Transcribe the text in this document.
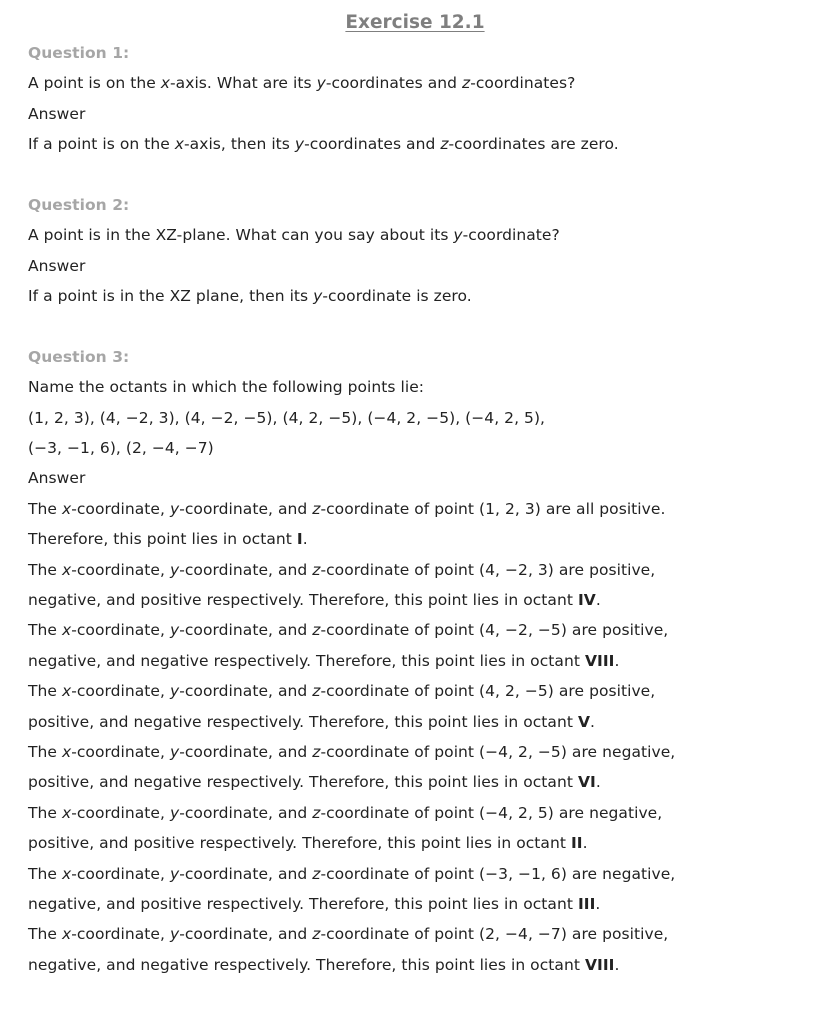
Exercise 12.1
Question 1:
A point is on the x-axis. What are its y-coordinates and z-coordinates?
Answer
If a point is on the x-axis, then its y-coordinates and z-coordinates are zero.
Question 2:
A point is in the XZ-plane. What can you say about its y-coordinate?
Answer
If a point is in the XZ plane, then its y-coordinate is zero.
Question 3:
Name the octants in which the following points lie:
(1, 2, 3), (4, −2, 3), (4, −2, −5), (4, 2, −5), (−4, 2, −5), (−4, 2, 5),
(−3, −1, 6), (2, −4, −7)
Answer
The x-coordinate, y-coordinate, and z-coordinate of point (1, 2, 3) are all positive.
Therefore, this point lies in octant I.
The x-coordinate, y-coordinate, and z-coordinate of point (4, −2, 3) are positive,
negative, and positive respectively. Therefore, this point lies in octant IV.
The x-coordinate, y-coordinate, and z-coordinate of point (4, −2, −5) are positive,
negative, and negative respectively. Therefore, this point lies in octant VIII.
The x-coordinate, y-coordinate, and z-coordinate of point (4, 2, −5) are positive,
positive, and negative respectively. Therefore, this point lies in octant V.
The x-coordinate, y-coordinate, and z-coordinate of point (−4, 2, −5) are negative,
positive, and negative respectively. Therefore, this point lies in octant VI.
The x-coordinate, y-coordinate, and z-coordinate of point (−4, 2, 5) are negative,
positive, and positive respectively. Therefore, this point lies in octant II.
The x-coordinate, y-coordinate, and z-coordinate of point (−3, −1, 6) are negative,
negative, and positive respectively. Therefore, this point lies in octant III.
The x-coordinate, y-coordinate, and z-coordinate of point (2, −4, −7) are positive,
negative, and negative respectively. Therefore, this point lies in octant VIII.
